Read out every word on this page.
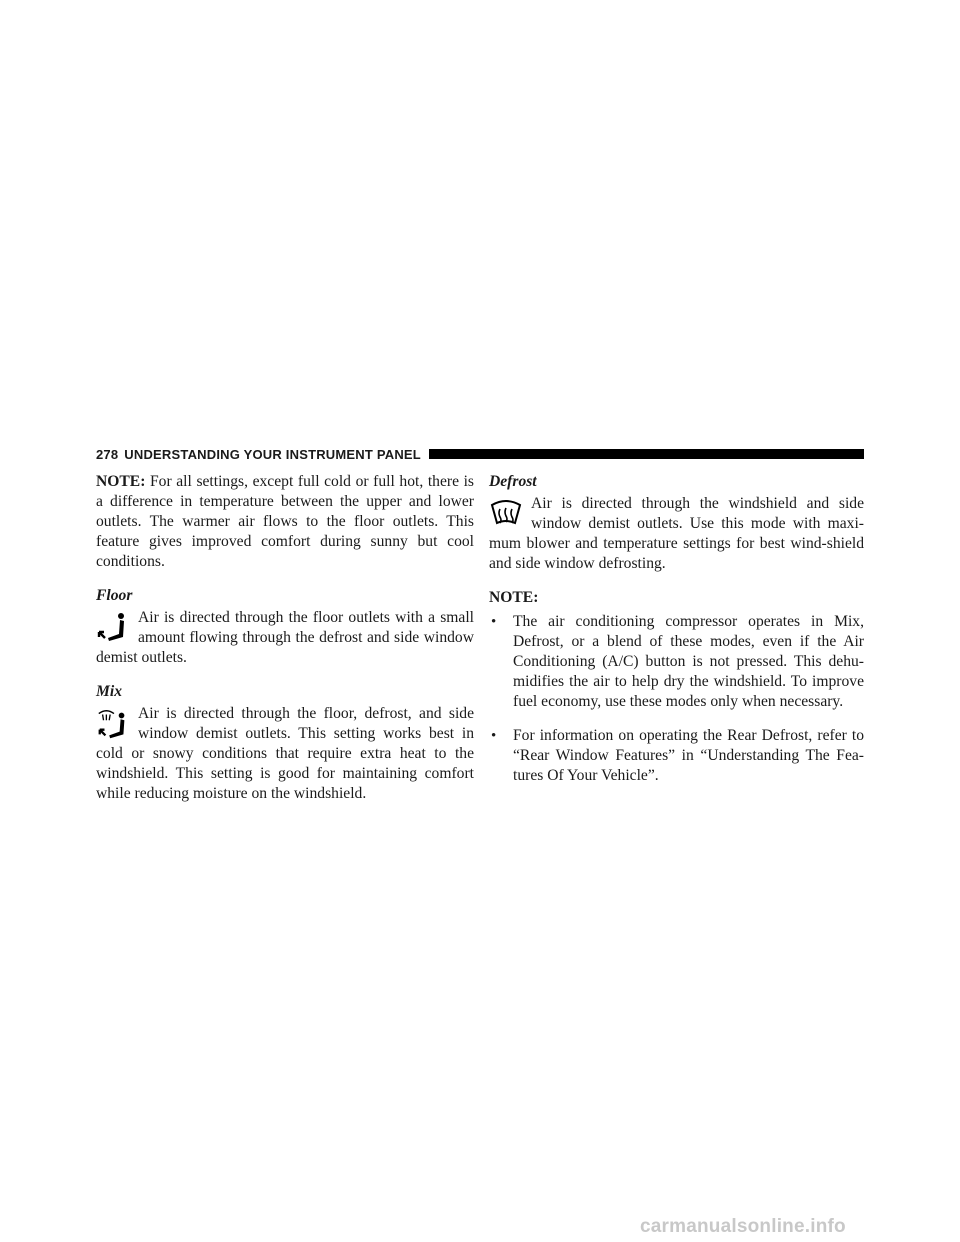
278 UNDERSTANDING YOUR INSTRUMENT PANEL

NOTE: For all settings, except full cold or full hot, there is a difference in temperature between the upper and lower outlets. The warmer air flows to the floor outlets. This feature gives improved comfort during sunny but cool conditions.

Floor

Air is directed through the floor outlets with a small amount flowing through the defrost and side window demist outlets.

Mix

Air is directed through the floor, defrost, and side window demist outlets. This setting works best in cold or snowy conditions that require extra heat to the windshield. This setting is good for maintaining comfort while reducing moisture on the windshield.

Defrost

Air is directed through the windshield and side window demist outlets. Use this mode with maxi-mum blower and temperature settings for best wind-shield and side window defrosting.

NOTE:
• The air conditioning compressor operates in Mix, Defrost, or a blend of these modes, even if the Air Conditioning (A/C) button is not pressed. This dehu-midifies the air to help dry the windshield. To improve fuel economy, use these modes only when necessary.
• For information on operating the Rear Defrost, refer to “Rear Window Features” in “Understanding The Fea-tures Of Your Vehicle”.
carmanualsonline.info
